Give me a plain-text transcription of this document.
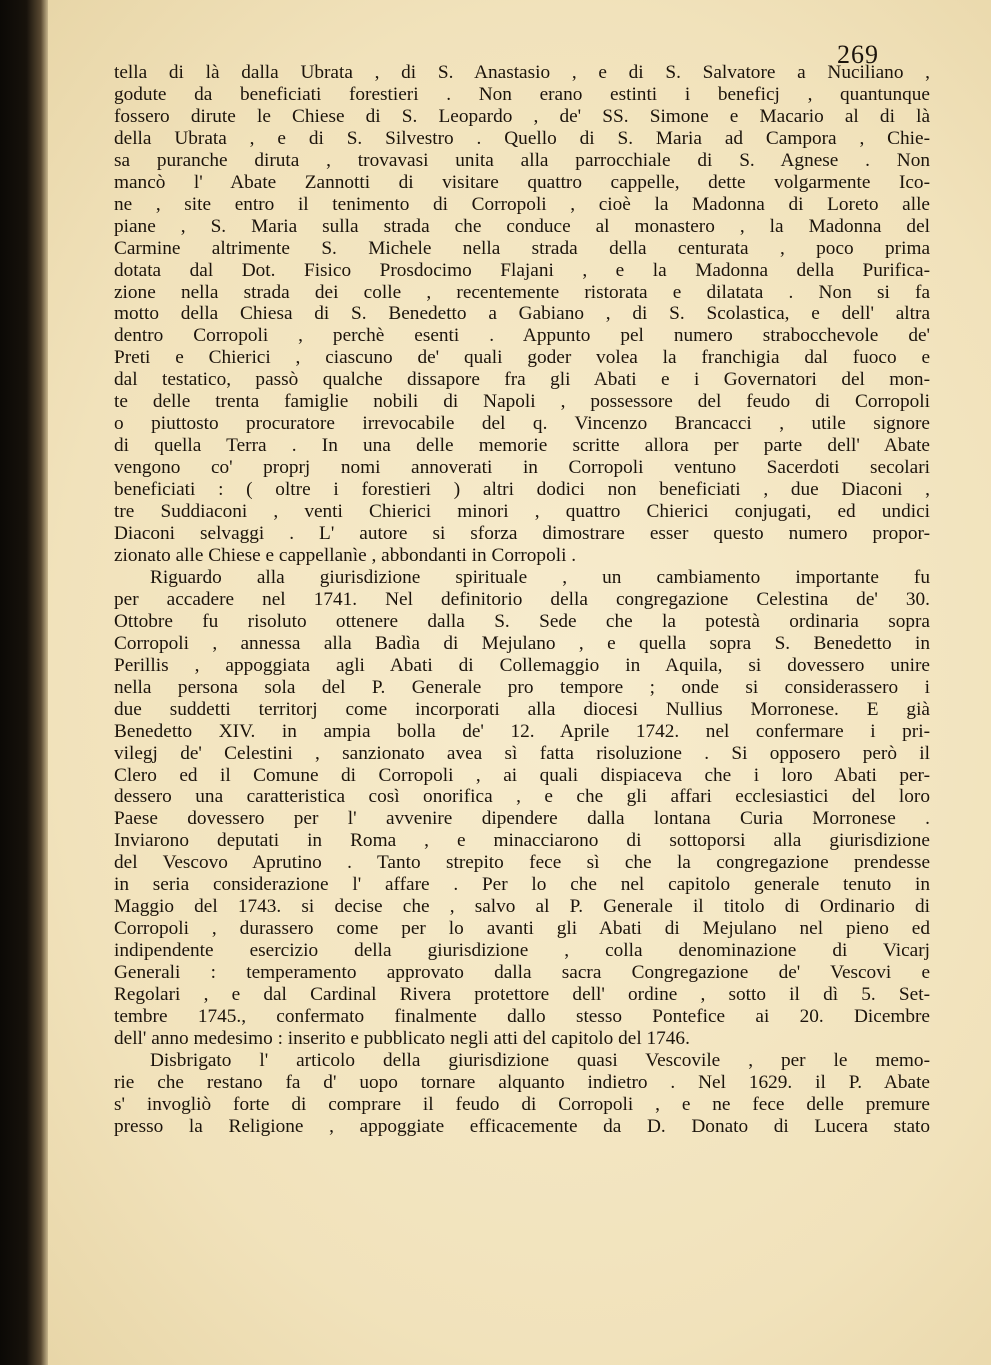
269
tella di là dalla Ubrata , di S. Anastasio , e di S. Salvatore a Nuciliano ,
godute da beneficiati forestieri . Non erano estinti i beneficj , quantunque
fossero dirute le Chiese di S. Leopardo , de' SS. Simone e Macario al di là
della Ubrata , e di S. Silvestro . Quello di S. Maria ad Campora , Chie-
sa puranche diruta , trovavasi unita alla parrocchiale di S. Agnese . Non
mancò l' Abate Zannotti di visitare quattro cappelle, dette volgarmente Ico-
ne , site entro il tenimento di Corropoli , cioè la Madonna di Loreto alle
piane , S. Maria sulla strada che conduce al monastero , la Madonna del
Carmine altrimente S. Michele nella strada della centurata , poco prima
dotata dal Dot. Fisico Prosdocimo Flajani , e la Madonna della Purifica-
zione nella strada dei colle , recentemente ristorata e dilatata . Non si fa
motto della Chiesa di S. Benedetto a Gabiano , di S. Scolastica, e dell' altra
dentro Corropoli , perchè esenti . Appunto pel numero strabocchevole de'
Preti e Chierici , ciascuno de' quali goder volea la franchigia dal fuoco e
dal testatico, passò qualche dissapore fra gli Abati e i Governatori del mon-
te delle trenta famiglie nobili di Napoli , possessore del feudo di Corropoli
o piuttosto procuratore irrevocabile del q. Vincenzo Brancacci , utile signore
di quella Terra . In una delle memorie scritte allora per parte dell' Abate
vengono co' proprj nomi annoverati in Corropoli ventuno Sacerdoti secolari
beneficiati : ( oltre i forestieri ) altri dodici non beneficiati , due Diaconi ,
tre Suddiaconi , venti Chierici minori , quattro Chierici conjugati, ed undici
Diaconi selvaggi . L' autore si sforza dimostrare esser questo numero propor-
zionato alle Chiese e cappellanìe , abbondanti in Corropoli .
Riguardo alla giurisdizione spirituale , un cambiamento importante fu
per accadere nel 1741. Nel definitorio della congregazione Celestina de' 30.
Ottobre fu risoluto ottenere dalla S. Sede che la potestà ordinaria sopra
Corropoli , annessa alla Badìa di Mejulano , e quella sopra S. Benedetto in
Perillis , appoggiata agli Abati di Collemaggio in Aquila, si dovessero unire
nella persona sola del P. Generale pro tempore ; onde si considerassero i
due suddetti territorj come incorporati alla diocesi Nullius Morronese. E già
Benedetto XIV. in ampia bolla de' 12. Aprile 1742. nel confermare i pri-
vilegj de' Celestini , sanzionato avea sì fatta risoluzione . Si opposero però il
Clero ed il Comune di Corropoli , ai quali dispiaceva che i loro Abati per-
dessero una caratteristica così onorifica , e che gli affari ecclesiastici del loro
Paese dovessero per l' avvenire dipendere dalla lontana Curia Morronese .
Inviarono deputati in Roma , e minacciarono di sottoporsi alla giurisdizione
del Vescovo Aprutino . Tanto strepito fece sì che la congregazione prendesse
in seria considerazione l' affare . Per lo che nel capitolo generale tenuto in
Maggio del 1743. si decise che , salvo al P. Generale il titolo di Ordinario di
Corropoli , durassero come per lo avanti gli Abati di Mejulano nel pieno ed
indipendente esercizio della giurisdizione , colla denominazione di Vicarj
Generali : temperamento approvato dalla sacra Congregazione de' Vescovi e
Regolari , e dal Cardinal Rivera protettore dell' ordine , sotto il dì 5. Set-
tembre 1745., confermato finalmente dallo stesso Pontefice ai 20. Dicembre
dell' anno medesimo : inserito e pubblicato negli atti del capitolo del 1746.
Disbrigato l' articolo della giurisdizione quasi Vescovile , per le memo-
rie che restano fa d' uopo tornare alquanto indietro . Nel 1629. il P. Abate
s' invogliò forte di comprare il feudo di Corropoli , e ne fece delle premure
presso la Religione , appoggiate efficacemente da D. Donato di Lucera stato
